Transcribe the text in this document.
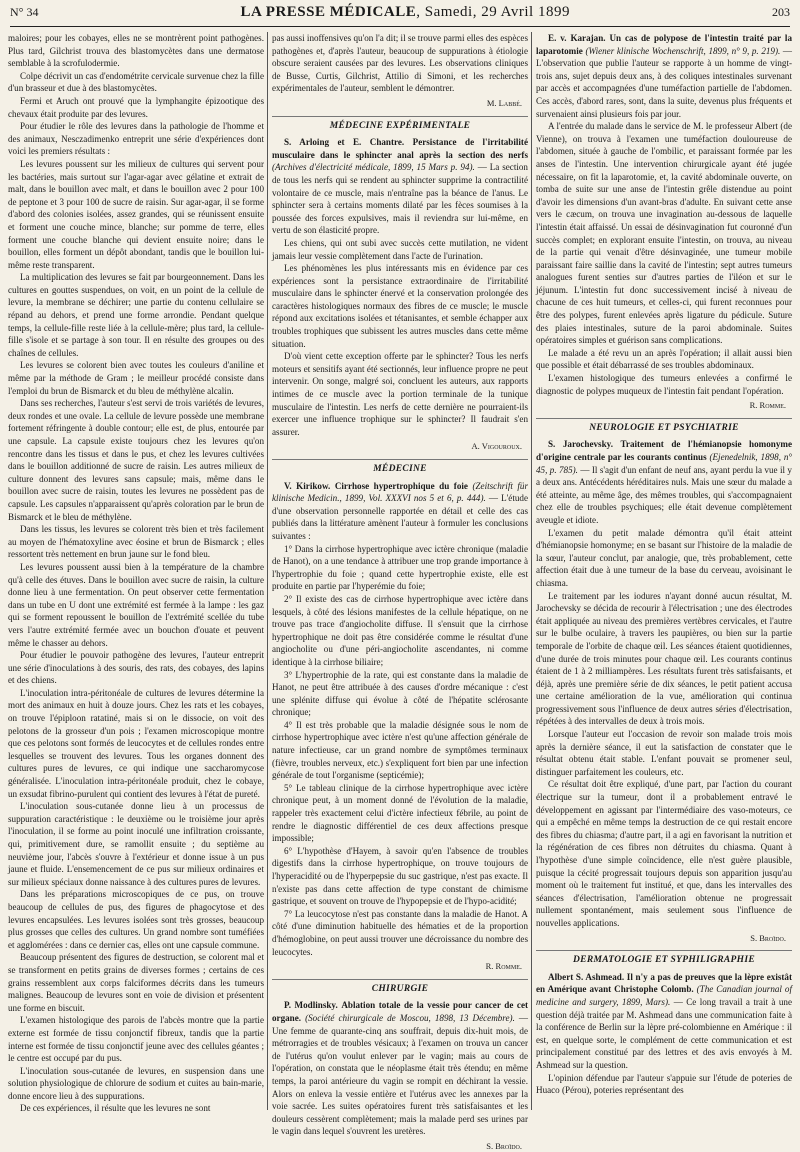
N° 34	LA PRESSE MÉDICALE, Samedi, 29 Avril 1899	203

maloires; pour les cobayes, elles ne se montrèrent point pathogènes. Plus tard, Gilchrist trouva des blastomycètes dans une dermatose semblable à la scrofulodermie.

Colpe décrivit un cas d'endométrite cervicale survenue chez la fille d'un brasseur et due à des blastomycètes.

Fermi et Aruch ont prouvé que la lymphangite épizootique des chevaux était produite par des levures.

Pour étudier le rôle des levures dans la pathologie de l'homme et des animaux, Nesczadimenko entreprit une série d'expériences dont voici les premiers résultats :

Les levures poussent sur les milieux de cultures qui servent pour les bactéries, mais surtout sur l'agar-agar avec gélatine et extrait de malt, dans le bouillon avec malt, et dans le bouillon avec 2 pour 100 de peptone et 3 pour 100 de sucre de raisin. Sur agar-agar, il se forme d'abord des colonies isolées, assez grandes, qui se réunissent ensuite et forment une couche mince, blanche; sur pomme de terre, elles forment une couche blanche qui devient ensuite noire; dans le bouillon, elles forment un dépôt abondant, tandis que le bouillon lui-même reste transparent.

La multiplication des levures se fait par bourgeonnement. Dans les cultures en gouttes suspendues, on voit, en un point de la cellule de levure, la membrane se déchirer; une partie du contenu cellulaire se répand au dehors, et prend une forme arrondie. Pendant quelque temps, la cellule-fille reste liée à la cellule-mère; plus tard, la cellule-fille s'isole et se partage à son tour. Il en résulte des groupes ou des chaînes de cellules.

Les levures se colorent bien avec toutes les couleurs d'aniline et même par la méthode de Gram ; le meilleur procédé consiste dans l'emploi du brun de Bismarck et du bleu de méthylène alcalin.

Dans ses recherches, l'auteur s'est servi de trois variétés de levures, deux rondes et une ovale. La cellule de levure possède une membrane fortement réfringente à double contour; elle est, de plus, entourée par une capsule. La capsule existe toujours chez les levures qu'on rencontre dans les tissus et dans le pus, et chez les levures cultivées dans le bouillon additionné de sucre de raisin. Les autres milieux de culture donnent des levures sans capsule; mais, même dans le bouillon avec sucre de raisin, toutes les levures ne possèdent pas de capsule. Les capsules n'apparaissent qu'après coloration par le brun de Bismarck et le bleu de méthylène.

Dans les tissus, les levures se colorent très bien et très facilement au moyen de l'hématoxyline avec éosine et brun de Bismarck ; elles ressortent très nettement en brun jaune sur le fond bleu.

Les levures poussent aussi bien à la température de la chambre qu'à celle des étuves. Dans le bouillon avec sucre de raisin, la culture donne lieu à une fermentation. On peut observer cette fermentation dans un tube en U dont une extrémité est fermée à la lampe : les gaz qui se forment repoussent le bouillon de l'extrémité scellée du tube vers l'autre extrémité fermée avec un bouchon d'ouate et peuvent même le chasser au dehors.

Pour étudier le pouvoir pathogène des levures, l'auteur entreprit une série d'inoculations à des souris, des rats, des cobayes, des lapins et des chiens.

L'inoculation intra-péritonéale de cultures de levures détermine la mort des animaux en huit à douze jours. Chez les rats et les cobayes, on trouve l'épiploon ratatiné, mais si on le dissocie, on voit des pelotons de la grosseur d'un pois ; l'examen microscopique montre que ces pelotons sont formés de leucocytes et de cellules rondes entre lesquelles se trouvent des levures. Tous les organes donnent des cultures pures de levures, ce qui indique une saccharomycose généralisée. L'inoculation intra-péritonéale produit, chez le cobaye, un exsudat fibrino-purulent qui contient des levures à l'état de pureté.

L'inoculation sous-cutanée donne lieu à un processus de suppuration caractéristique : le deuxième ou le troisième jour après l'inoculation, il se forme au point inoculé une infiltration croissante, qui, primitivement dure, se ramollit ensuite ; du septième au neuvième jour, l'abcès s'ouvre à l'extérieur et donne issue à un pus jaune et fluide. L'ensemencement de ce pus sur milieux ordinaires et sur milieux spéciaux donne naissance à des cultures pures de levures.

Dans les préparations microscopiques de ce pus, on trouve beaucoup de cellules de pus, des figures de phagocytose et des levures encapsulées. Les levures isolées sont très grosses, beaucoup plus grosses que celles des cultures. Un grand nombre sont tuméfiées et agglomérées : dans ce dernier cas, elles ont une capsule commune.

Beaucoup présentent des figures de destruction, se colorent mal et se transforment en petits grains de diverses formes ; certains de ces grains ressemblent aux corps falciformes décrits dans les tumeurs malignes. Beaucoup de levures sont en voie de division et présentent une forme en biscuit.

L'examen histologique des parois de l'abcès montre que la partie externe est formée de tissu conjonctif fibreux, tandis que la partie interne est formée de tissu conjonctif jeune avec des cellules géantes ; le centre est occupé par du pus.

L'inoculation sous-cutanée de levures, en suspension dans une solution physiologique de chlorure de sodium et cuites au bain-marie, donne encore lieu à des suppurations.

De ces expériences, il résulte que les levures ne sont

pas aussi inoffensives qu'on l'a dit; il se trouve parmi elles des espèces pathogènes et, d'après l'auteur, beaucoup de suppurations à étiologie obscure seraient causées par des levures. Les observations cliniques de Busse, Curtis, Gilchrist, Attilio di Simoni, et les recherches expérimentales de l'auteur, semblent le démontrer.

M. Labbé.
MÉDECINE EXPÉRIMENTALE

S. Arloing et E. Chantre. Persistance de l'irritabilité musculaire dans le sphincter anal après la section des nerfs (Archives d'électricité médicale, 1899, 15 Mars p. 94). — La section de tous les nerfs qui se rendent au sphincter supprime la contractilité volontaire de ce muscle, mais n'entraîne pas la béance de l'anus. Le sphincter sera à certains moments dilaté par les fèces soumises à la poussée des forces expulsives, mais il reviendra sur lui-même, en vertu de son élasticité propre.

Les chiens, qui ont subi avec succès cette mutilation, ne vident jamais leur vessie complètement dans l'acte de l'urination.

Les phénomènes les plus intéressants mis en évidence par ces expériences sont la persistance extraordinaire de l'irritabilité musculaire dans le sphincter énervé et la conservation prolongée des caractères histologiques normaux des fibres de ce muscle; le muscle répond aux excitations isolées et tétanisantes, et semble échapper aux troubles trophiques que subissent les autres muscles dans cette même situation.

D'où vient cette exception offerte par le sphincter? Tous les nerfs moteurs et sensitifs ayant été sectionnés, leur influence propre ne peut intervenir. On songe, malgré soi, concluent les auteurs, aux rapports intimes de ce muscle avec la portion terminale de la tunique musculaire de l'intestin. Les nerfs de cette dernière ne pourraient-ils exercer une influence trophique sur le sphincter? Il faudrait s'en assurer.

A. Vigouroux.
MÉDECINE

V. Kirikow. Cirrhose hypertrophique du foie (Zeitschrift für klinische Medicin., 1899, Vol. XXXVI nos 5 et 6, p. 444). — L'étude d'une observation personnelle rapportée en détail et celle des cas publiés dans la littérature amènent l'auteur à formuler les conclusions suivantes :

1° Dans la cirrhose hypertrophique avec ictère chronique (maladie de Hanot), on a une tendance à attribuer une trop grande importance à l'hypertrophie du foie ; quand cette hypertrophie existe, elle est produite en partie par l'hyperémie du foie;

2° Il existe des cas de cirrhose hypertrophique avec ictère dans lesquels, à côté des lésions manifestes de la cellule hépatique, on ne trouve pas trace d'angiocholite diffuse. Il s'ensuit que la cirrhose hypertrophique ne doit pas être considérée comme le résultat d'une angiocholite ou d'une péri-angiocholite ascendantes, ni comme identique à la cirrhose biliaire;

3° L'hypertrophie de la rate, qui est constante dans la maladie de Hanot, ne peut être attribuée à des causes d'ordre mécanique : c'est une splénite diffuse qui évolue à côté de l'hépatite sclérosante chronique;

4° Il est très probable que la maladie désignée sous le nom de cirrhose hypertrophique avec ictère n'est qu'une affection générale de nature infectieuse, car un grand nombre de symptômes terminaux (fièvre, troubles nerveux, etc.) s'expliquent fort bien par une infection générale de tout l'organisme (septicémie);

5° Le tableau clinique de la cirrhose hypertrophique avec ictère chronique peut, à un moment donné de l'évolution de la maladie, rappeler très exactement celui d'ictère infectieux fébrile, au point de rendre le diagnostic différentiel de ces deux affections presque impossible;

6° L'hypothèse d'Hayem, à savoir qu'en l'absence de troubles digestifs dans la cirrhose hypertrophique, on trouve toujours de l'hyperacidité ou de l'hyperpepsie du suc gastrique, n'est pas exacte. Il n'existe pas dans cette affection de type constant de chimisme gastrique, et souvent on trouve de l'hypopepsie et de l'hypo-acidité;

7° La leucocytose n'est pas constante dans la maladie de Hanot. A côté d'une diminution habituelle des hématies et de la proportion d'hémoglobine, on peut aussi trouver une décroissance du nombre des leucocytes.

R. Romme.
CHIRURGIE

P. Modlinsky. Ablation totale de la vessie pour cancer de cet organe. (Société chirurgicale de Moscou, 1898, 13 Décembre). — Une femme de quarante-cinq ans souffrait, depuis dix-huit mois, de métrorragies et de troubles vésicaux; à l'examen on trouva un cancer de l'utérus qu'on voulut enlever par le vagin; mais au cours de l'opération, on constata que le néoplasme était très étendu; en même temps, la paroi antérieure du vagin se rompit en déchirant la vessie. Alors on enleva la vessie entière et l'utérus avec les annexes par la voie sacrée. Les suites opératoires furent très satisfaisantes et les douleurs cessèrent complètement; mais la malade perd ses urines par le vagin dans lequel s'ouvrent les uretères.

S. Broïdo.

E. v. Karajan. Un cas de polypose de l'intestin traité par la laparotomie (Wiener klinische Wochenschrift, 1899, n° 9, p. 219). — L'observation que publie l'auteur se rapporte à un homme de vingt-trois ans, sujet depuis deux ans, à des coliques intestinales survenant par accès et accompagnées d'une tuméfaction partielle de l'abdomen. Ces accès, d'abord rares, sont, dans la suite, devenus plus fréquents et survenaient ainsi plusieurs fois par jour.

A l'entrée du malade dans le service de M. le professeur Albert (de Vienne), on trouva à l'examen une tuméfaction douloureuse de l'abdomen, située à gauche de l'ombilic, et paraissant formée par les anses de l'intestin. Une intervention chirurgicale ayant été jugée nécessaire, on fit la laparotomie, et, la cavité abdominale ouverte, on tomba de suite sur une anse de l'intestin grêle distendue au point d'avoir les dimensions d'un avant-bras d'adulte. En suivant cette anse vers le cæcum, on trouva une invagination au-dessous de laquelle l'intestin était affaissé. Un essai de désinvagination fut couronné d'un succès complet; en explorant ensuite l'intestin, on trouva, au niveau de la partie qui venait d'être désinvaginée, une tumeur mobile paraissant faire saillie dans la cavité de l'intestin; sept autres tumeurs analogues furent senties sur d'autres parties de l'iléon et sur le jéjunum. L'intestin fut donc successivement incisé à niveau de chacune de ces huit tumeurs, et celles-ci, qui furent reconnues pour être des polypes, furent enlevées après ligature du pédicule. Suture des plaies intestinales, suture de la paroi abdominale. Suites opératoires simples et guérison sans complications.

Le malade a été revu un an après l'opération; il allait aussi bien que possible et était débarrassé de ses troubles abdominaux.

L'examen histologique des tumeurs enlevées a confirmé le diagnostic de polypes muqueux de l'intestin fait pendant l'opération.

R. Romme.
NEUROLOGIE ET PSYCHIATRIE

S. Jarochevsky. Traitement de l'hémianopsie homonyme d'origine centrale par les courants continus (Ejenedelnik, 1898, n° 45, p. 785). — Il s'agit d'un enfant de neuf ans, ayant perdu la vue il y a deux ans. Antécédents héréditaires nuls. Mais une sœur du malade a été atteinte, au même âge, des mêmes troubles, qui s'accompagnaient chez elle de troubles psychiques; elle était devenue complètement aveugle et idiote.

L'examen du petit malade démontra qu'il était atteint d'hémianopsie homonyme; en se basant sur l'histoire de la maladie de la sœur, l'auteur conclut, par analogie, que, très probablement, cette affection était due à une tumeur de la base du cerveau, avoisinant le chiasma.

Le traitement par les iodures n'ayant donné aucun résultat, M. Jarochevsky se décida de recourir à l'électrisation ; une des électrodes était appliquée au niveau des premières vertèbres cervicales, et l'autre sur le bulbe oculaire, à travers les paupières, ou bien sur la partie temporale de l'orbite de chaque œil. Les séances étaient quotidiennes, d'une durée de trois minutes pour chaque œil. Les courants continus étaient de 1 à 2 milliampères. Les résultats furent très satisfaisants, et déjà, après une première série de dix séances, le petit patient accusa une certaine amélioration de la vue, amélioration qui continua progressivement sous l'influence de deux autres séries d'électrisation, répétées à des intervalles de deux à trois mois.

Lorsque l'auteur eut l'occasion de revoir son malade trois mois après la dernière séance, il eut la satisfaction de constater que le résultat obtenu était stable. L'enfant pouvait se promener seul, distinguer parfaitement les couleurs, etc.

Ce résultat doit être expliqué, d'une part, par l'action du courant électrique sur la tumeur, dont il a probablement entravé le développement en agissant par l'intermédiaire des vaso-moteurs, ce qui a empêché en même temps la destruction de ce qui restait encore des fibres du chiasma; d'autre part, il a agi en favorisant la nutrition et la régénération de ces fibres non détruites du chiasma. Quant à l'hypothèse d'une simple coïncidence, elle n'est guère plausible, puisque la cécité progressait toujours depuis son apparition jusqu'au moment où le traitement fut institué, et que, dans les intervalles des séances d'électrisation, l'amélioration obtenue ne progressait nullement spontanément, mais seulement sous l'influence de nouvelles applications.

S. Broïdo.
DERMATOLOGIE ET SYPHILIGRAPHIE

Albert S. Ashmead. Il n'y a pas de preuves que la lèpre existât en Amérique avant Christophe Colomb. (The Canadian journal of medicine and surgery, 1899, Mars). — Ce long travail a trait à une question déjà traitée par M. Ashmead dans une communication faite à la conférence de Berlin sur la lèpre pré-colombienne en Amérique : il est, en quelque sorte, le complément de cette communication et est principalement constitué par des lettres et des avis envoyés à M. Ashmead sur la question.

L'opinion défendue par l'auteur s'appuie sur l'étude de poteries de Huaco (Pérou), poteries représentant des
